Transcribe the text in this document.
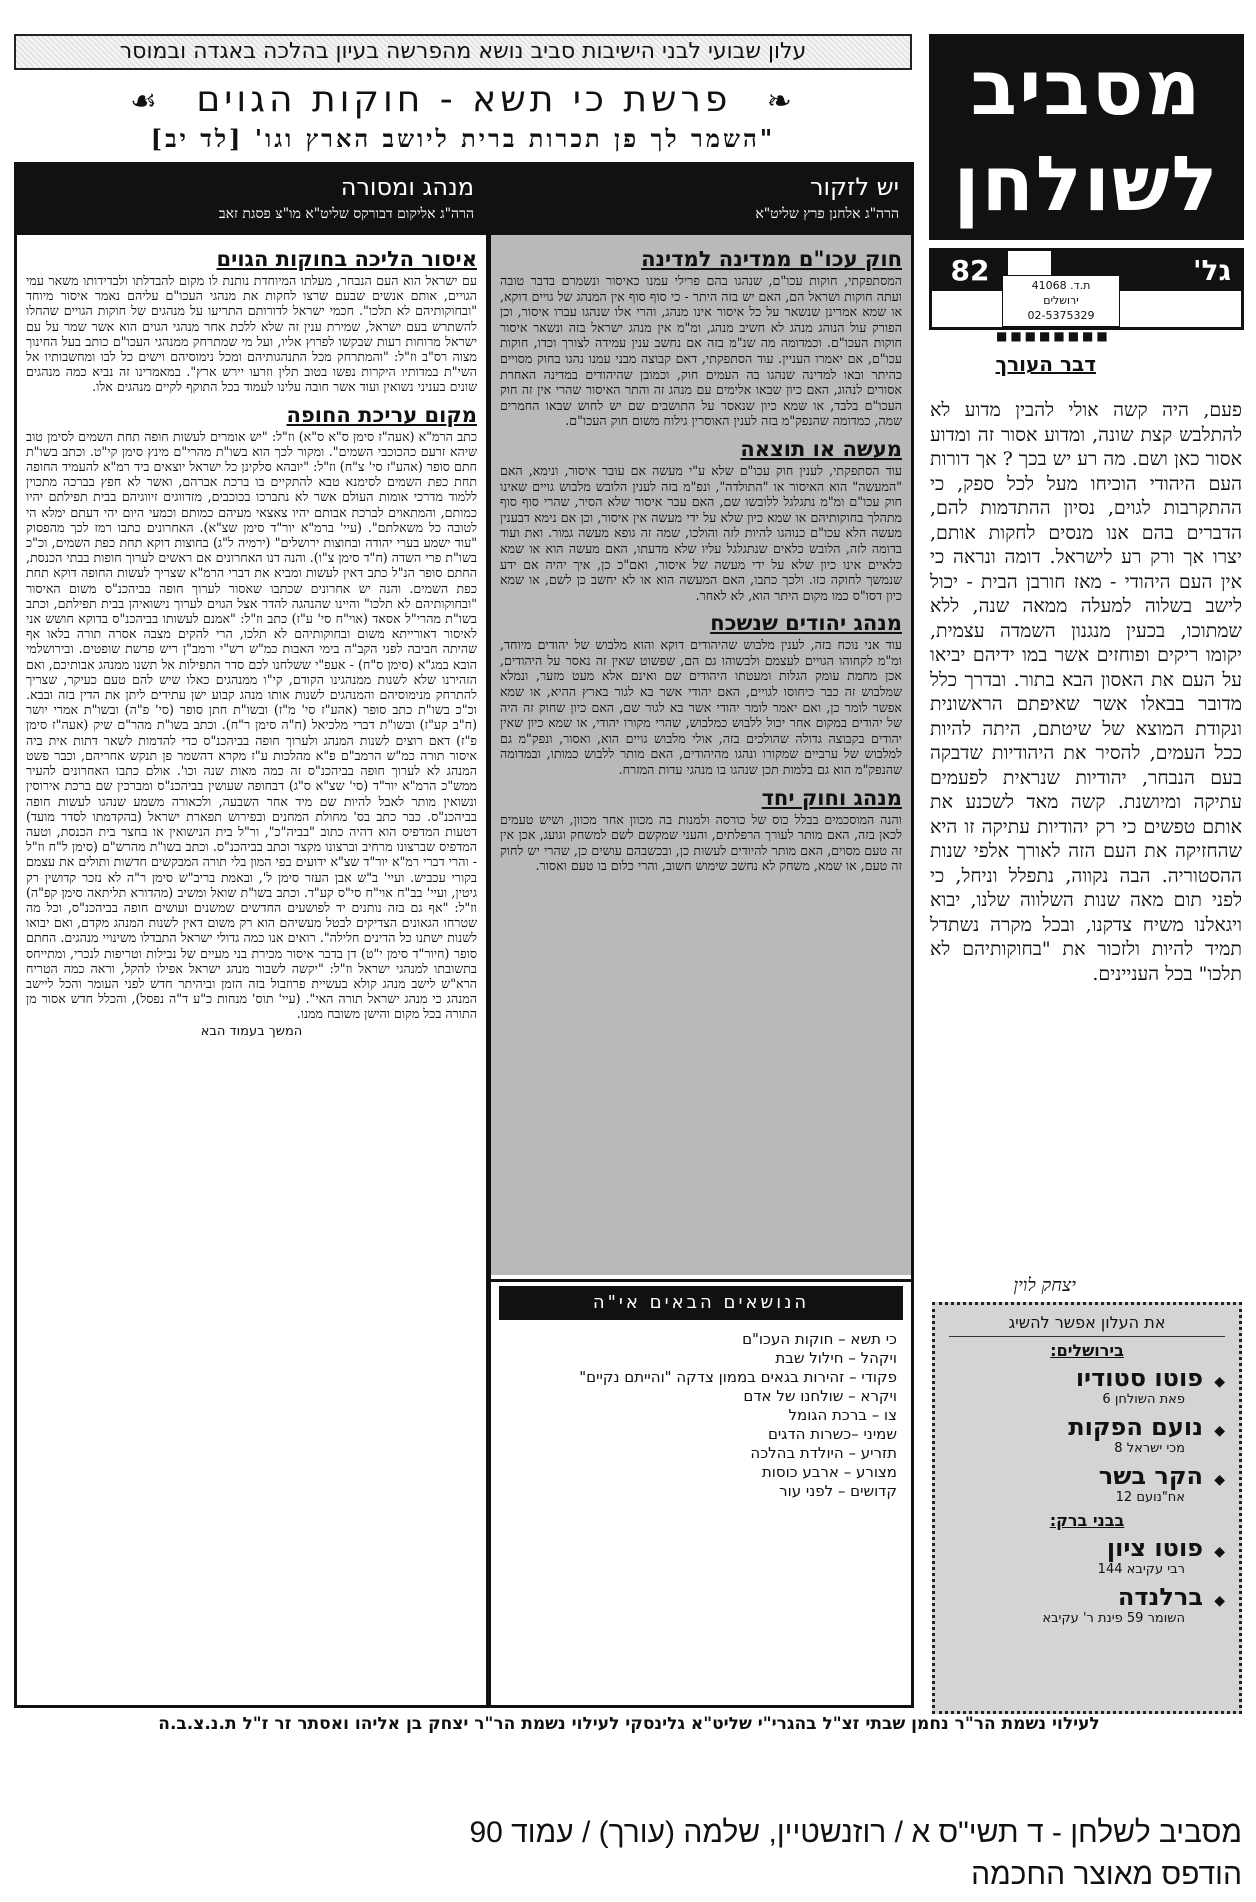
מסביב
לשולחן
גל'
82	ת.ד. 41068
ירושלים
02-5375329
■■■■■■■■
דבר העורך
פעם, היה קשה אולי להבין מדוע לא להתלבש קצת שונה, ומדוע אסור זה ומדוע אסור כאן ושם. מה רע יש בכך ? אך דורות העם היהודי הוכיחו מעל לכל ספק, כי ההתקרבות לגוים, נסיון ההתדמות להם, הדברים בהם אנו מנסים לחקות אותם, יצרו אך ורק רע לישראל. דומה ונראה כי אין העם היהודי - מאז חורבן הבית - יכול לישב בשלוה למעלה ממאה שנה, ללא שמתוכו, בכעין מנגנון השמדה עצמית, יקומו ריקים ופוחזים אשר במו ידיהם יביאו על העם את האסון הבא בתור. ובדרך כלל מדובר בבאלו אשר שאיפתם הראשונית ונקודת המוצא של שיטתם, היתה להיות ככל העמים, להסיר את היהודיות שדבקה בעם הנבחר, יהודיות שנראית לפעמים עתיקה ומיושנת. קשה מאד לשכנע את אותם טפשים כי רק יהודיות עתיקה זו היא שהחזיקה את העם הזה לאורך אלפי שנות ההסטוריה. הבה נקווה, נתפלל וניחל, כי לפני תום מאה שנות השלווה שלנו, יבוא ויגאלנו משיח צדקנו, ובכל מקרה נשתדל תמיד להיות ולזכור את "בחוקותיהם לא תלכו" בכל העניינים.
יצחק לוין
את העלון אפשר להשיג
בירושלים:
◆ פוטו סטודיו
פאת השולחן 6
◆ נועם הפקות
מכי ישראל 8
◆ הקר בשר
אח"נועם 12
בבני ברק:
◆ פוטו ציון
רבי עקיבא 144
◆ ברלנדה
השומר 59 פינת ר' עקיבא
עלון שבועי לבני הישיבות סביב נושא מהפרשה בעיון בהלכה באגדה ובמוסר
❧ פרשת כי תשא - חוקות הגוים ☙
"השמר לך פן תכרות ברית ליושב הארץ וגו' [לד יב]
יש לזקור
הרה"ג אלחנן פרץ שליט"א
חוק עכו"ם ממדינה למדינה
המסתפקתי, חוקות עכו"ם, שנהגו בהם פרילי עמנו כאיסור ונשמרם בדבר טובה ועתה חוקות ושראל הם, האם יש בזה היתר - כי סוף סוף אין המנהג של גויים דוקא, או שמא אמרינן שנשאר על כל איסור אינו מנהג, והרי אלו שנהגו עברו איסור, וכן הפורק עול הנוהג מנהג לא חשיב מנהג, ומ"מ אין מנהג ישראל בזה ונשאר איסור חוקות העכו"ם. וכמדומה מה שנ"מ בזה אם נחשב ענין עמידה לצורך וכדו, חוקות עכו"ם, אם יאמרו העניין. עוד הסתפקתי, דאם קבוצה מבני עמנו נהגו בחוק מסויים כהיתר ובאו למדינה שנהגו בה העמים חוק, וכמובן שהיהודים במדינה האחרת אסורים לנהוג, האם כיון שבאו אלימים עם מנהג זה והתר האיסור שהרי אין זה חוק העכו"ם בלבד, או שמא כיון שנאסר על התושבים שם יש לחוש שבאו החמרים שמה, כמדומה שהנפק"מ בזה לענין האוסרין גילוח משום חוק העכו"ם.
מעשה או תוצאה
עוד הסתפקתי, לענין חוק עכו"ם שלא ע"י מעשה אם עובר איסור, ונימא, האם "המעשה" הוא האיסור או "התולדה", ונפ"מ בזה לענין הלובש מלבוש גויים שאינו חוק עכו"ם ומ"מ נתגלגל ללובשו שם, האם עבר איסור שלא הסיר, שהרי סוף סוף מתהלך בחוקותיהם או שמא כיון שלא על ידי מעשה אין איסור, וכן אם נימא דבענין מעשה הלא עכו"ם כנוהגו להיות לזה והולכו, שמה זה גופא מעשה גמור. ואת ועוד בדומה לזה, הלובש כלאים שנתגלגל עליו שלא מדעתו, האם מעשה הוא או שמא כלאיים אינו כיון שלא על ידי מעשה של איסור, ואם"כ כן, איך יהיה אם ידע שנמשך לחוקה כזו. ולכך כתבו, האם המעשה הוא או לא יחשב כן לשם, או שמא כיון דסו"ס כמו מקום היתר הוא, לא לאחר.
מנהג יהודים שנשכח
עוד אני נוכח בזה, לענין מלבוש שהיהודים דוקא והוא מלבוש של יהודים מיוחד, ומ"מ לקחוהו הגויים לעצמם ולבשוהו גם הם, שפשוט שאין זה נאסר על היהודים, אכן מחמת עומק הגלות ומעטתו היהודים שם ואינם אלא מעט מזער, ונמלא שמלבוש זה כבר כיחוסו לגויים, האם יהודי אשר בא לגור בארץ ההיא, או שמא אפשר לומר כן, ואם יאמר לומר יהודי אשר בא לגור שם, האם כיון שחוק זה היה של יהודים במקום אחר יכול ללבוש כמלבוש, שהרי מקורו יהודי, או שמא כיון שאין יהודים בקבוצה גדולה שהולכים בזה, אולי מלבוש גויים הוא, ואסור, ונפק"מ גם למלבוש של ערביים שמקורו ונהגו מהיהודים, האם מותר ללבוש כמותו, ובמדומה שהנפק"מ הוא גם בלמות תכן שנהגו בו מנהגי עדות המזרח.
מנהג וחוק יחד
והנה המוסכמים בבלל כוס של כורסה ולמנות בה מכוון אחר מכוון, ושיש טעמים לכאן בזה, האם מותר לעורך הרפלתים, והעני שמקשם לשם למשחק וגועג, אכן אין זה טעם מסוים, האם מותר להיודים לעשות כן, ובכשבהם עושים כן, שהרי יש לחוק זה טעם, או שמא, משחק לא נחשב שימוש חשוב, והרי כלום בו טעם ואסור.
הנושאים הבאים אי"ה
כי תשא – חוקות העכו"ם
ויקהל – חילול שבת
פקודי – זהירות בגאים בממון צדקה "והייתם נקיים"
ויקרא – שולחנו של אדם
צו – ברכת הגומל
שמיני –כשרות הדגים
תזריע – היולדת בהלכה
מצורע – ארבע כוסות
קדושים – לפני עור
מנהג ומסורה
הרה"ג אליקום דבורקס שליט"א מו"צ פסגת זאב
איסור הליכה בחוקות הגוים
עם ישראל הוא העם הנבחר, מעלתו המיוחדת נותנת לו מקום להבדלתו ולבדידותו משאר עמי הגויים, אותם אנשים שבעם שרצו לחקות את מנהגי העכו"ם עליהם נאמר איסור מיוחד "ובחוקותיהם לא תלכו". חכמי ישראל לדורותם התריעו על מנהגים של חוקות הגויים שהחלו להשתרש בעם ישראל, שמירת ענין זה שלא ללכת אחר מנהגי הגוים הוא אשר שמר על עם ישראל מרוחות רעות שבקשו לפרוץ אליו, ועל מי שמתרחק ממנהגי העכו"ם כותב בעל החינוך מצוה רס"ב וז"ל: "והמתרחק מכל התנהגותיהם ומכל נימוסיהם וישים כל לבו ומחשבותיו אל השי"ת במדותיו היקרות נפשו בטוב תלין וזרעו יירש ארץ". במאמרינו זה נביא כמה מנהגים שונים בעניני נשואין ועוד אשר חובה עלינו לעמוד בכל התוקף לקיים מנהגים אלו.
מקום עריכת החופה
כתב הרמ"א (אעה"ז סימן ס"א ס"א) וז"ל: "יש אומרים לעשות חופה תחת השמים לסימן טוב שיהא זרעם כהכוכבי השמים". ומקור לכך הוא בשו"ת מהרי"ם מינץ סימן קי"ט. וכתב בשו"ת חתם סופר (אהע"ז סי' צ"ח) וז"ל: "יובהא סלקינן כל ישראל יוצאים ביד רמ"א להעמיד החופה תחת כפת השמים לסימנא טבא להתקיים בו ברכת אברהם, ואשר לא חפץ בברכה מתכוין ללמוד מדרכי אומות העולם אשר לא נתברכו בכוכבים, מזדווגים זיווגיהם בבית תפילתם יהיו כמותם, והמתאוים לברכת אבותם יהיו צאצאי מעיהם כמותם וכמעי היום יהי דעתם ימלא הי לטובה כל משאלתם". (עיי' ברמ"א יור"ד סימן שצ"א). האחרונים כתבו רמז לכך מהפסוק "עוד ישמע בערי יהודה ובחוצות ירושלים" (ירמיה ל"ג) בחוצות דוקא תחת כפת השמים, וכ"כ בשו"ת פרי השדה (ח"ד סימן צ"ו). והנה דנו האחרונים אם ראשים לערוך חופות בבתי הכנסת, החתם סופר הנ"ל כתב דאין לעשות ומביא את דברי הרמ"א שצריך לעשות החופה דוקא תחת כפת השמים. והנה יש אחרונים שכתבו שאסור לערוך חופה בביהכנ"ס משום האיסור "ובחוקותיהם לא תלכו" והיינו שהנהגה להדר אצל הגוים לערוך נישואיהן בבית תפילתם, וכתב בשו"ת מהרי"ל אסאד (אוי"ח סי' ע"ז) כתב וז"ל: "אמנם לעשותו בביהכנ"ס בדוקא חושש אני לאיסור דאורייתא משום ובחוקותיהם לא תלכו, הרי להקים מצבה אסרה תורה בלאו אף שהיתה חביבה לפני הקב"ה בימי האבות כמ"ש רש"י ורמב"ן ריש פרשת שופטים. ובירושלמי הובא במג"א (סימן ס"ח) - אעפ"י ששלחנו לכם סדר התפילות אל תשנו ממנהג אבותיכם, ואם הזהירנו שלא לשנות ממנהגינו הקודם, קי"ו ממנהגים כאלו שיש להם טעם כעיקר, שצריך להתרחק מנימוסיהם והמנהגים לשנות אותו מנהג קבוע ישן עתידים ליתן את הדין בזה ובבא. וכ"כ בשו"ת כתב סופר (אהע"ז סי' מ"ז) ובשו"ת חתן סופר (סי' פ"ה) ובשו"ת אמרי יושר (ח"ב קע"ז) ובשו"ת דברי מלכיאל (ח"ה סימן ר"ח). וכתב בשו"ת מהר"ם שיק (אעה"ז סימן פ"ז) דאם רוצים לשנות המנהג ולערוך חופה בביהכנ"ס כדי להדמות לשאר דתות אית ביה איסור תורה כמ"ש הרמב"ם פ"א מהלכות ע"ז מקרא דהשמר פן תנקש אחריהם, וכבר פשט המנהג לא לערוך חופה בביהכנ"ס זה כמה מאות שנה וכו'. אולם כתבו האחרונים להעיר ממש"כ הרמ"א יור"ד (סי' שצ"א ס"ג) דבחופה שעושין בביהכנ"ס ומברכין שם ברכת אירוסין ונשואין מותר לאבל להיות שם מיד אחר השבעה, ולכאורה משמע שנהגו לעשות חופה בביהכנ"ס. כבר כתב בס' מחולת המחנים ובפירוש תפארת ישראל (בהקדמתו לסדר מועד) דטעות המדפיס הוא דהיה כתוב "בביה"כ", ור"ל בית הנישואין או בחצר בית הכנסת, וטעה המדפיס שברצונו מרחיב וברצונו מקצר וכתב בביהכנ"ס. וכתב בשו"ת מהרש"ם (סימן ל"ח וז"ל - והרי דברי רמ"א יור"ד שצ"א ידועים בפי המון בלי תורה המבקשים חדשות ותולים את עצמם בקורי עכביש. ועיי' ב"ש אבן העזר סימן ל', ובאמת בריב"ש סימן ר"ה לא נזכר קדושין רק גיטין, ועיי' בב"ח אוי"ח סי"ס קע"ד. וכתב בשו"ת שואל ומשיב (מהדורא תליתאה סימן קפ"ה) וז"ל: "אף גם בזה נותנים יד לפושעים החדשים שמשנים ועושים חופה בביהכנ"ס, וכל מה שטרחו הגאונים הצדיקים לבטל מעשיהם הוא רק משום דאין לשנות המנהג מקדם, ואם יבואו לשנות ישתנו כל הדינים חלילה". רואים אנו כמה גדולי ישראל התבדלו משינויי מנהגים. החתם סופר (חיור"ד סימן י"ט) דן בדבר איסור מכירת בני מעיים של נבילות וטריפות לנכרי, ומתייחס בתשובתו למנהגי ישראל וז"ל: "יקשה לשבור מנהג ישראל אפילו להקל, וראה כמה הטריח הרא"ש לישב מנהג קולא בעשיית פרוזבול בזה הזמן וביהיתר חדש לפני העומר והכל ליישב המנהג כי מנהג ישראל תורה האי". (עיי' תוס' מנחות כ"ע ד"ה נפסל), והכלל חדש אסור מן התורה בכל מקום והישן משובח ממנו.
המשך בעמוד הבא
לעילוי נשמת הר"ר נחמן שבתי זצ"ל בהגרי"י שליט"א גלינסקי לעילוי נשמת הר"ר יצחק בן אליהו ואסתר זר ז"ל ת.נ.צ.ב.ה
מסביב לשלחן - ד תשי"ס א / רוזנשטיין, שלמה (עורך) / עמוד 90
הודפס מאוצר החכמה
